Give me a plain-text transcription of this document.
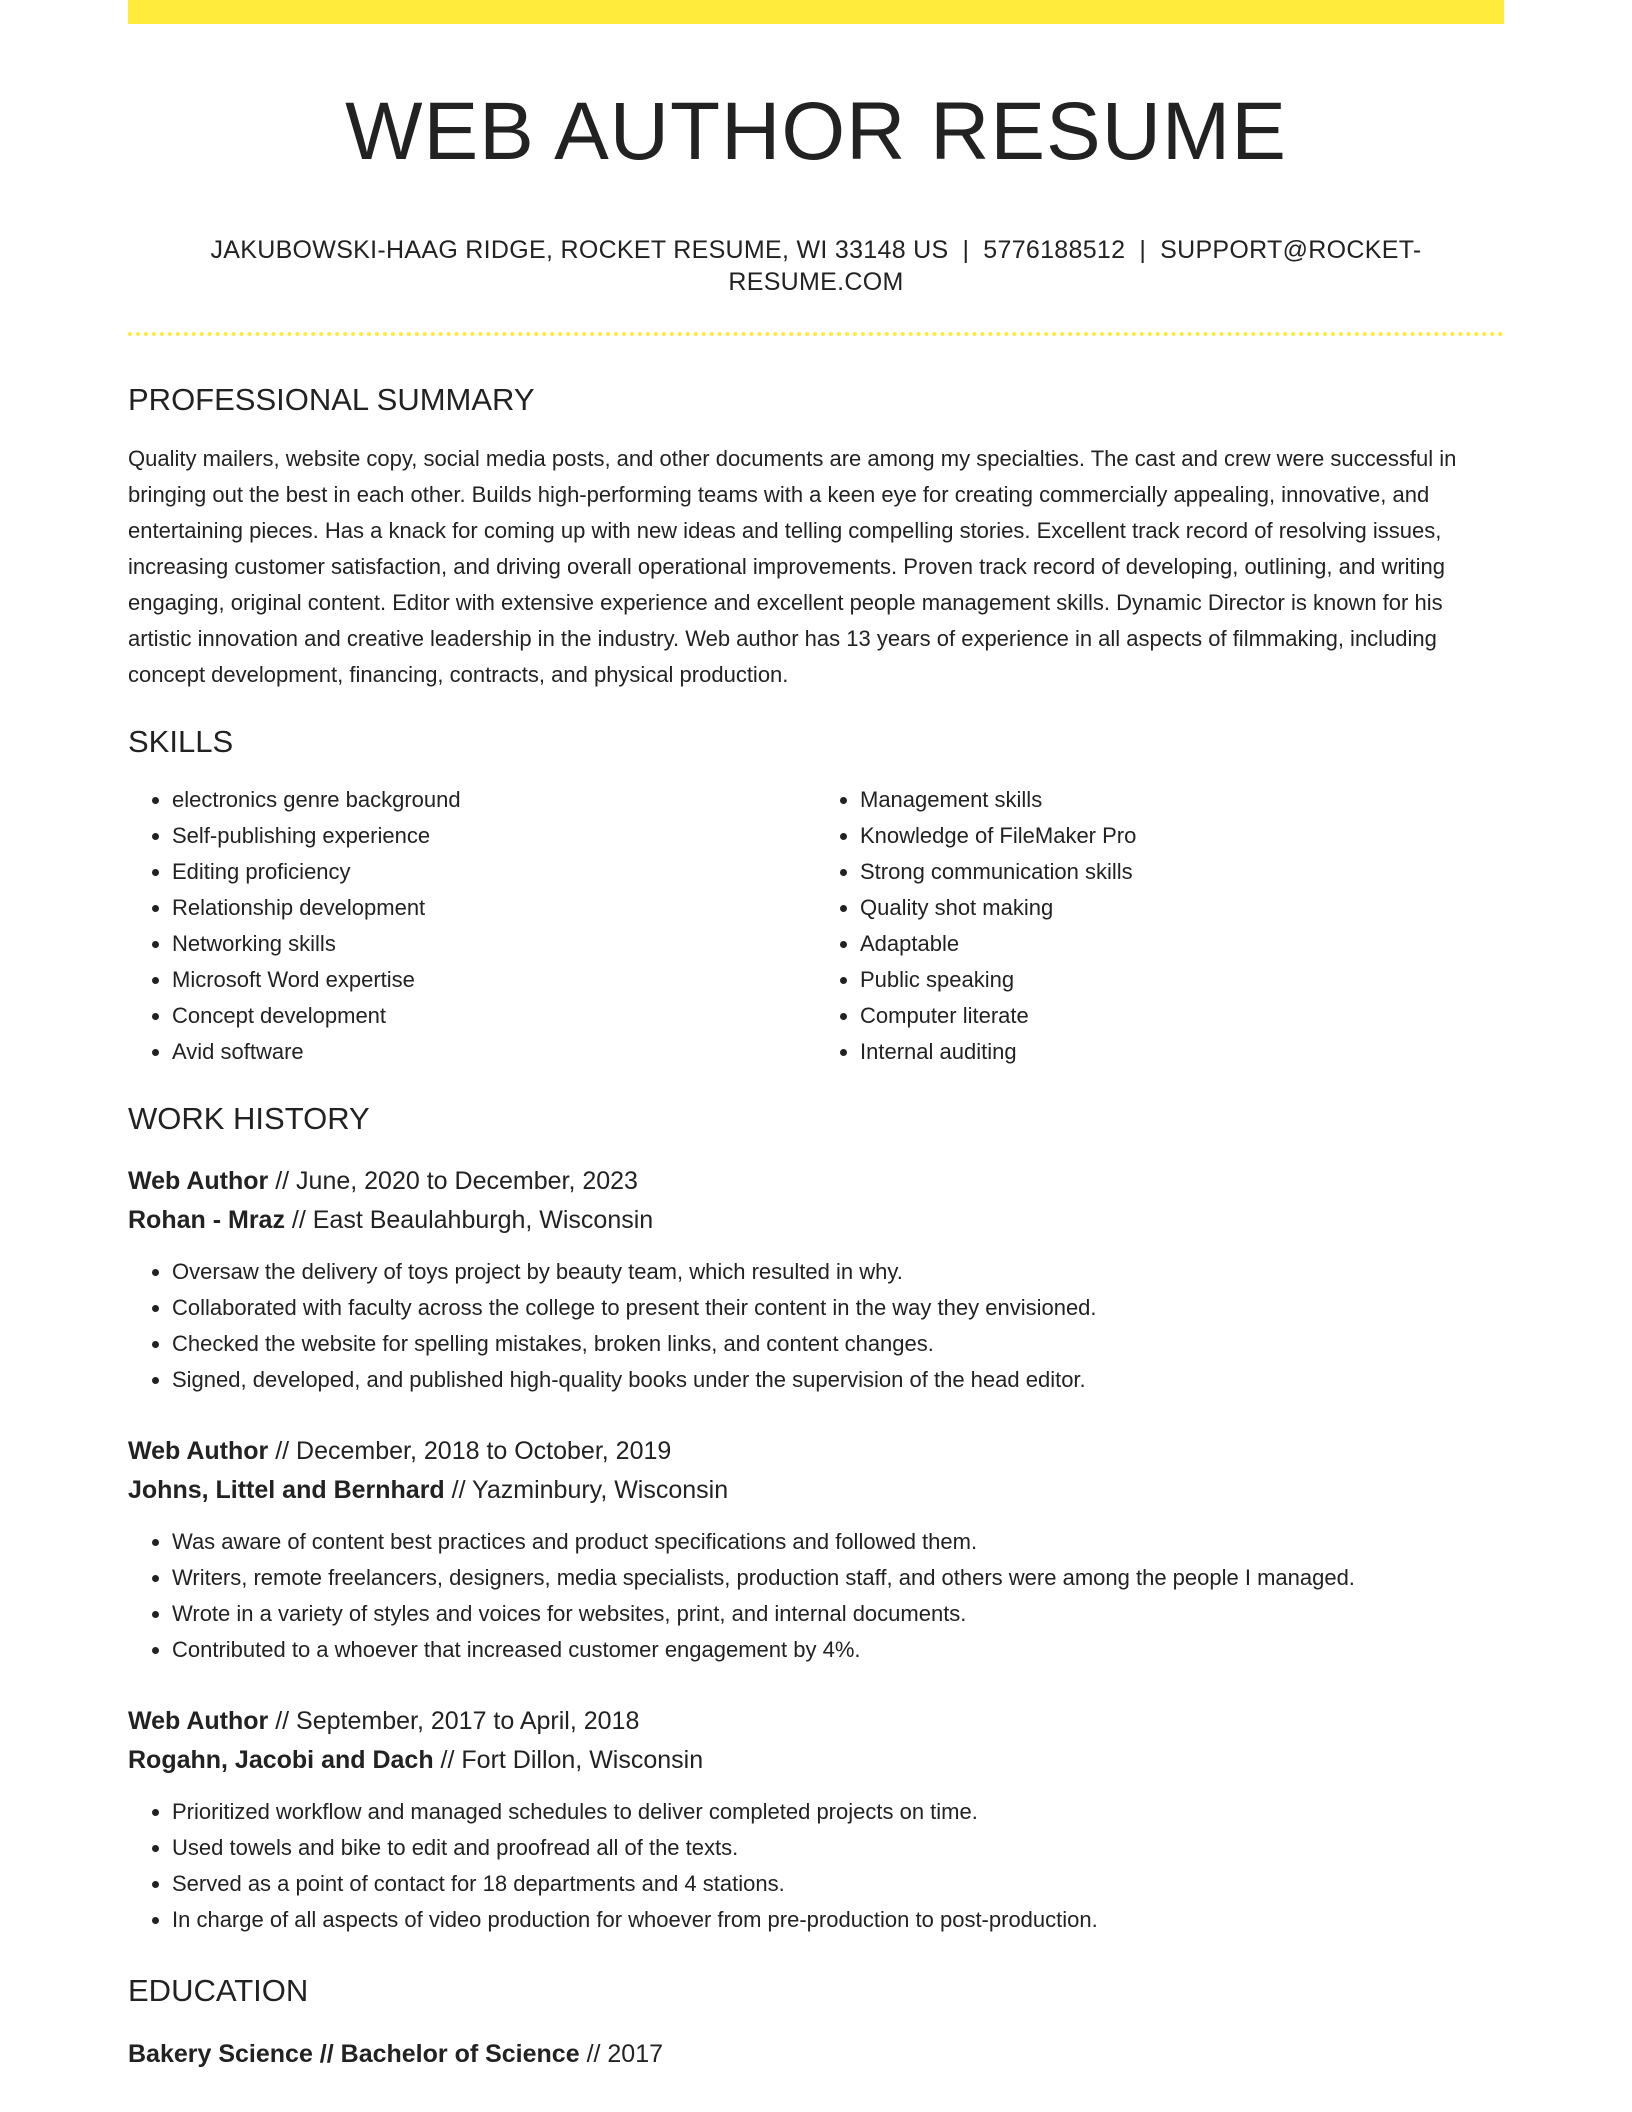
WEB AUTHOR RESUME
JAKUBOWSKI-HAAG RIDGE, ROCKET RESUME, WI 33148 US | 5776188512 | SUPPORT@ROCKET-RESUME.COM
PROFESSIONAL SUMMARY

Quality mailers, website copy, social media posts, and other documents are among my specialties. The cast and crew were successful in bringing out the best in each other. Builds high-performing teams with a keen eye for creating commercially appealing, innovative, and entertaining pieces. Has a knack for coming up with new ideas and telling compelling stories. Excellent track record of resolving issues, increasing customer satisfaction, and driving overall operational improvements. Proven track record of developing, outlining, and writing engaging, original content. Editor with extensive experience and excellent people management skills. Dynamic Director is known for his artistic innovation and creative leadership in the industry. Web author has 13 years of experience in all aspects of filmmaking, including concept development, financing, contracts, and physical production.

SKILLS
• electronics genre background
• Self-publishing experience
• Editing proficiency
• Relationship development
• Networking skills
• Microsoft Word expertise
• Concept development
• Avid software
• Management skills
• Knowledge of FileMaker Pro
• Strong communication skills
• Quality shot making
• Adaptable
• Public speaking
• Computer literate
• Internal auditing
WORK HISTORY
Web Author // June, 2020 to December, 2023
Rohan - Mraz // East Beaulahburgh, Wisconsin
• Oversaw the delivery of toys project by beauty team, which resulted in why.
• Collaborated with faculty across the college to present their content in the way they envisioned.
• Checked the website for spelling mistakes, broken links, and content changes.
• Signed, developed, and published high-quality books under the supervision of the head editor.
Web Author // December, 2018 to October, 2019
Johns, Littel and Bernhard // Yazminbury, Wisconsin
• Was aware of content best practices and product specifications and followed them.
• Writers, remote freelancers, designers, media specialists, production staff, and others were among the people I managed.
• Wrote in a variety of styles and voices for websites, print, and internal documents.
• Contributed to a whoever that increased customer engagement by 4%.
Web Author // September, 2017 to April, 2018
Rogahn, Jacobi and Dach // Fort Dillon, Wisconsin
• Prioritized workflow and managed schedules to deliver completed projects on time.
• Used towels and bike to edit and proofread all of the texts.
• Served as a point of contact for 18 departments and 4 stations.
• In charge of all aspects of video production for whoever from pre-production to post-production.
EDUCATION
Bakery Science // Bachelor of Science // 2017
